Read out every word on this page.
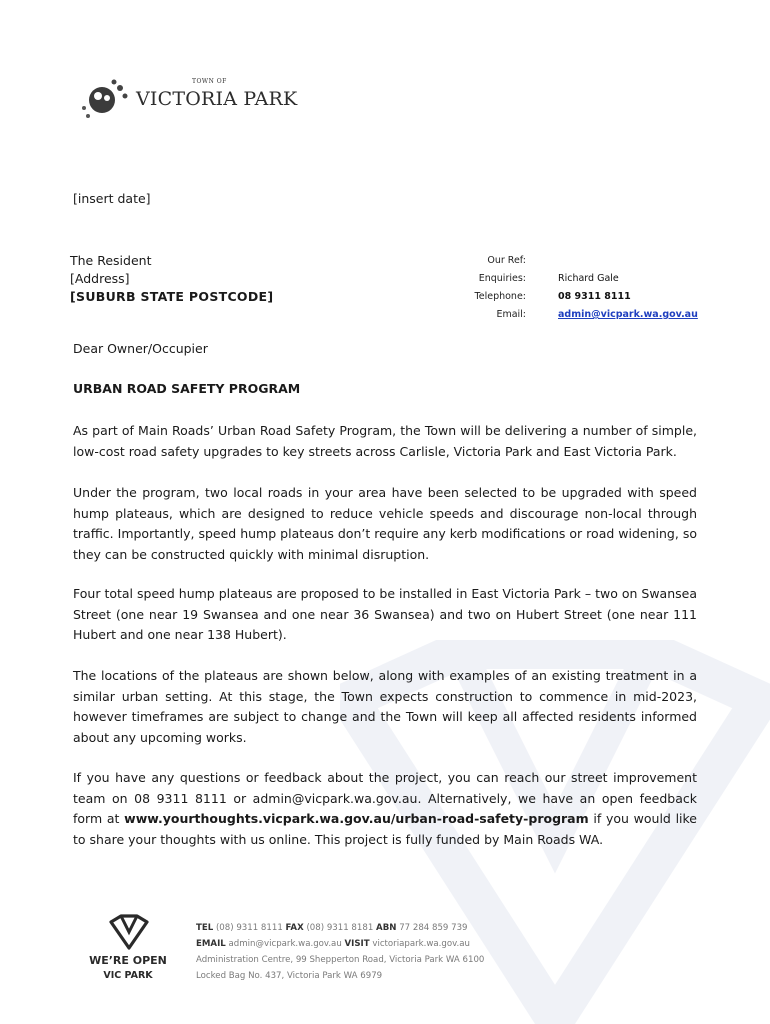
TOWN OF
VICTORIA PARK
[insert date]
The Resident
[Address]
[SUBURB STATE POSTCODE]
Our Ref:
Enquiries:	Richard Gale
Telephone:	08 9311 8111
Email:	admin@vicpark.wa.gov.au
Dear Owner/Occupier
URBAN ROAD SAFETY PROGRAM

As part of Main Roads’ Urban Road Safety Program, the Town will be delivering a number of simple, low-cost road safety upgrades to key streets across Carlisle, Victoria Park and East Victoria Park.

Under the program, two local roads in your area have been selected to be upgraded with speed hump plateaus, which are designed to reduce vehicle speeds and discourage non-local through traffic. Importantly, speed hump plateaus don’t require any kerb modifications or road widening, so they can be constructed quickly with minimal disruption.

Four total speed hump plateaus are proposed to be installed in East Victoria Park – two on Swansea Street (one near 19 Swansea and one near 36 Swansea) and two on Hubert Street (one near 111 Hubert and one near 138 Hubert).

The locations of the plateaus are shown below, along with examples of an existing treatment in a similar urban setting. At this stage, the Town expects construction to commence in mid-2023, however timeframes are subject to change and the Town will keep all affected residents informed about any upcoming works.

If you have any questions or feedback about the project, you can reach our street improvement team on 08 9311 8111 or admin@vicpark.wa.gov.au. Alternatively, we have an open feedback form at www.yourthoughts.vicpark.wa.gov.au/urban-road-safety-program if you would like to share your thoughts with us online. This project is fully funded by Main Roads WA.

WE’RE OPEN
VIC PARK
TEL (08) 9311 8111 FAX (08) 9311 8181 ABN 77 284 859 739
EMAIL admin@vicpark.wa.gov.au VISIT victoriapark.wa.gov.au
Administration Centre, 99 Shepperton Road, Victoria Park WA 6100
Locked Bag No. 437, Victoria Park WA 6979
